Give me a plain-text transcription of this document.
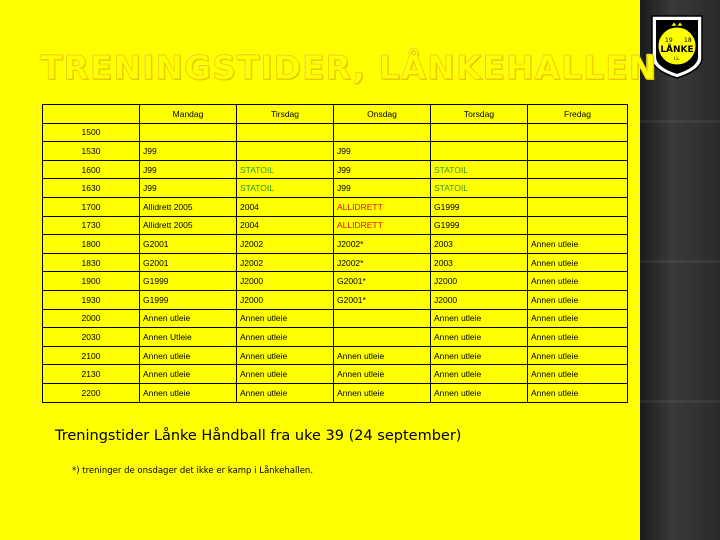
19 18
LÅNKE
I.L.
TRENINGSTIDER, LÅNKEHALLEN
	Mandag	Tirsdag	Onsdag	Torsdag	Fredag
1500					
1530	J99		J99		
1600	J99	STATOIL	J99	STATOIL	
1630	J99	STATOIL	J99	STATOIL	
1700	Allidrett 2005	2004	ALLIDRETT	G1999	
1730	Allidrett 2005	2004	ALLIDRETT	G1999	
1800	G2001	J2002	J2002*	2003	Annen utleie
1830	G2001	J2002	J2002*	2003	Annen utleie
1900	G1999	J2000	G2001*	J2000	Annen utleie
1930	G1999	J2000	G2001*	J2000	Annen utleie
2000	Annen utleie	Annen utleie		Annen utleie	Annen utleie
2030	Annen Utleie	Annen utleie		Annen utleie	Annen utleie
2100	Annen utleie	Annen utleie	Annen utleie	Annen utleie	Annen utleie
2130	Annen utleie	Annen utleie	Annen utleie	Annen utleie	Annen utleie
2200	Annen utleie	Annen utleie	Annen utleie	Annen utleie	Annen utleie
Treningstider Lånke Håndball fra uke 39 (24 september)
*) treninger de onsdager det ikke er kamp i Lånkehallen.
